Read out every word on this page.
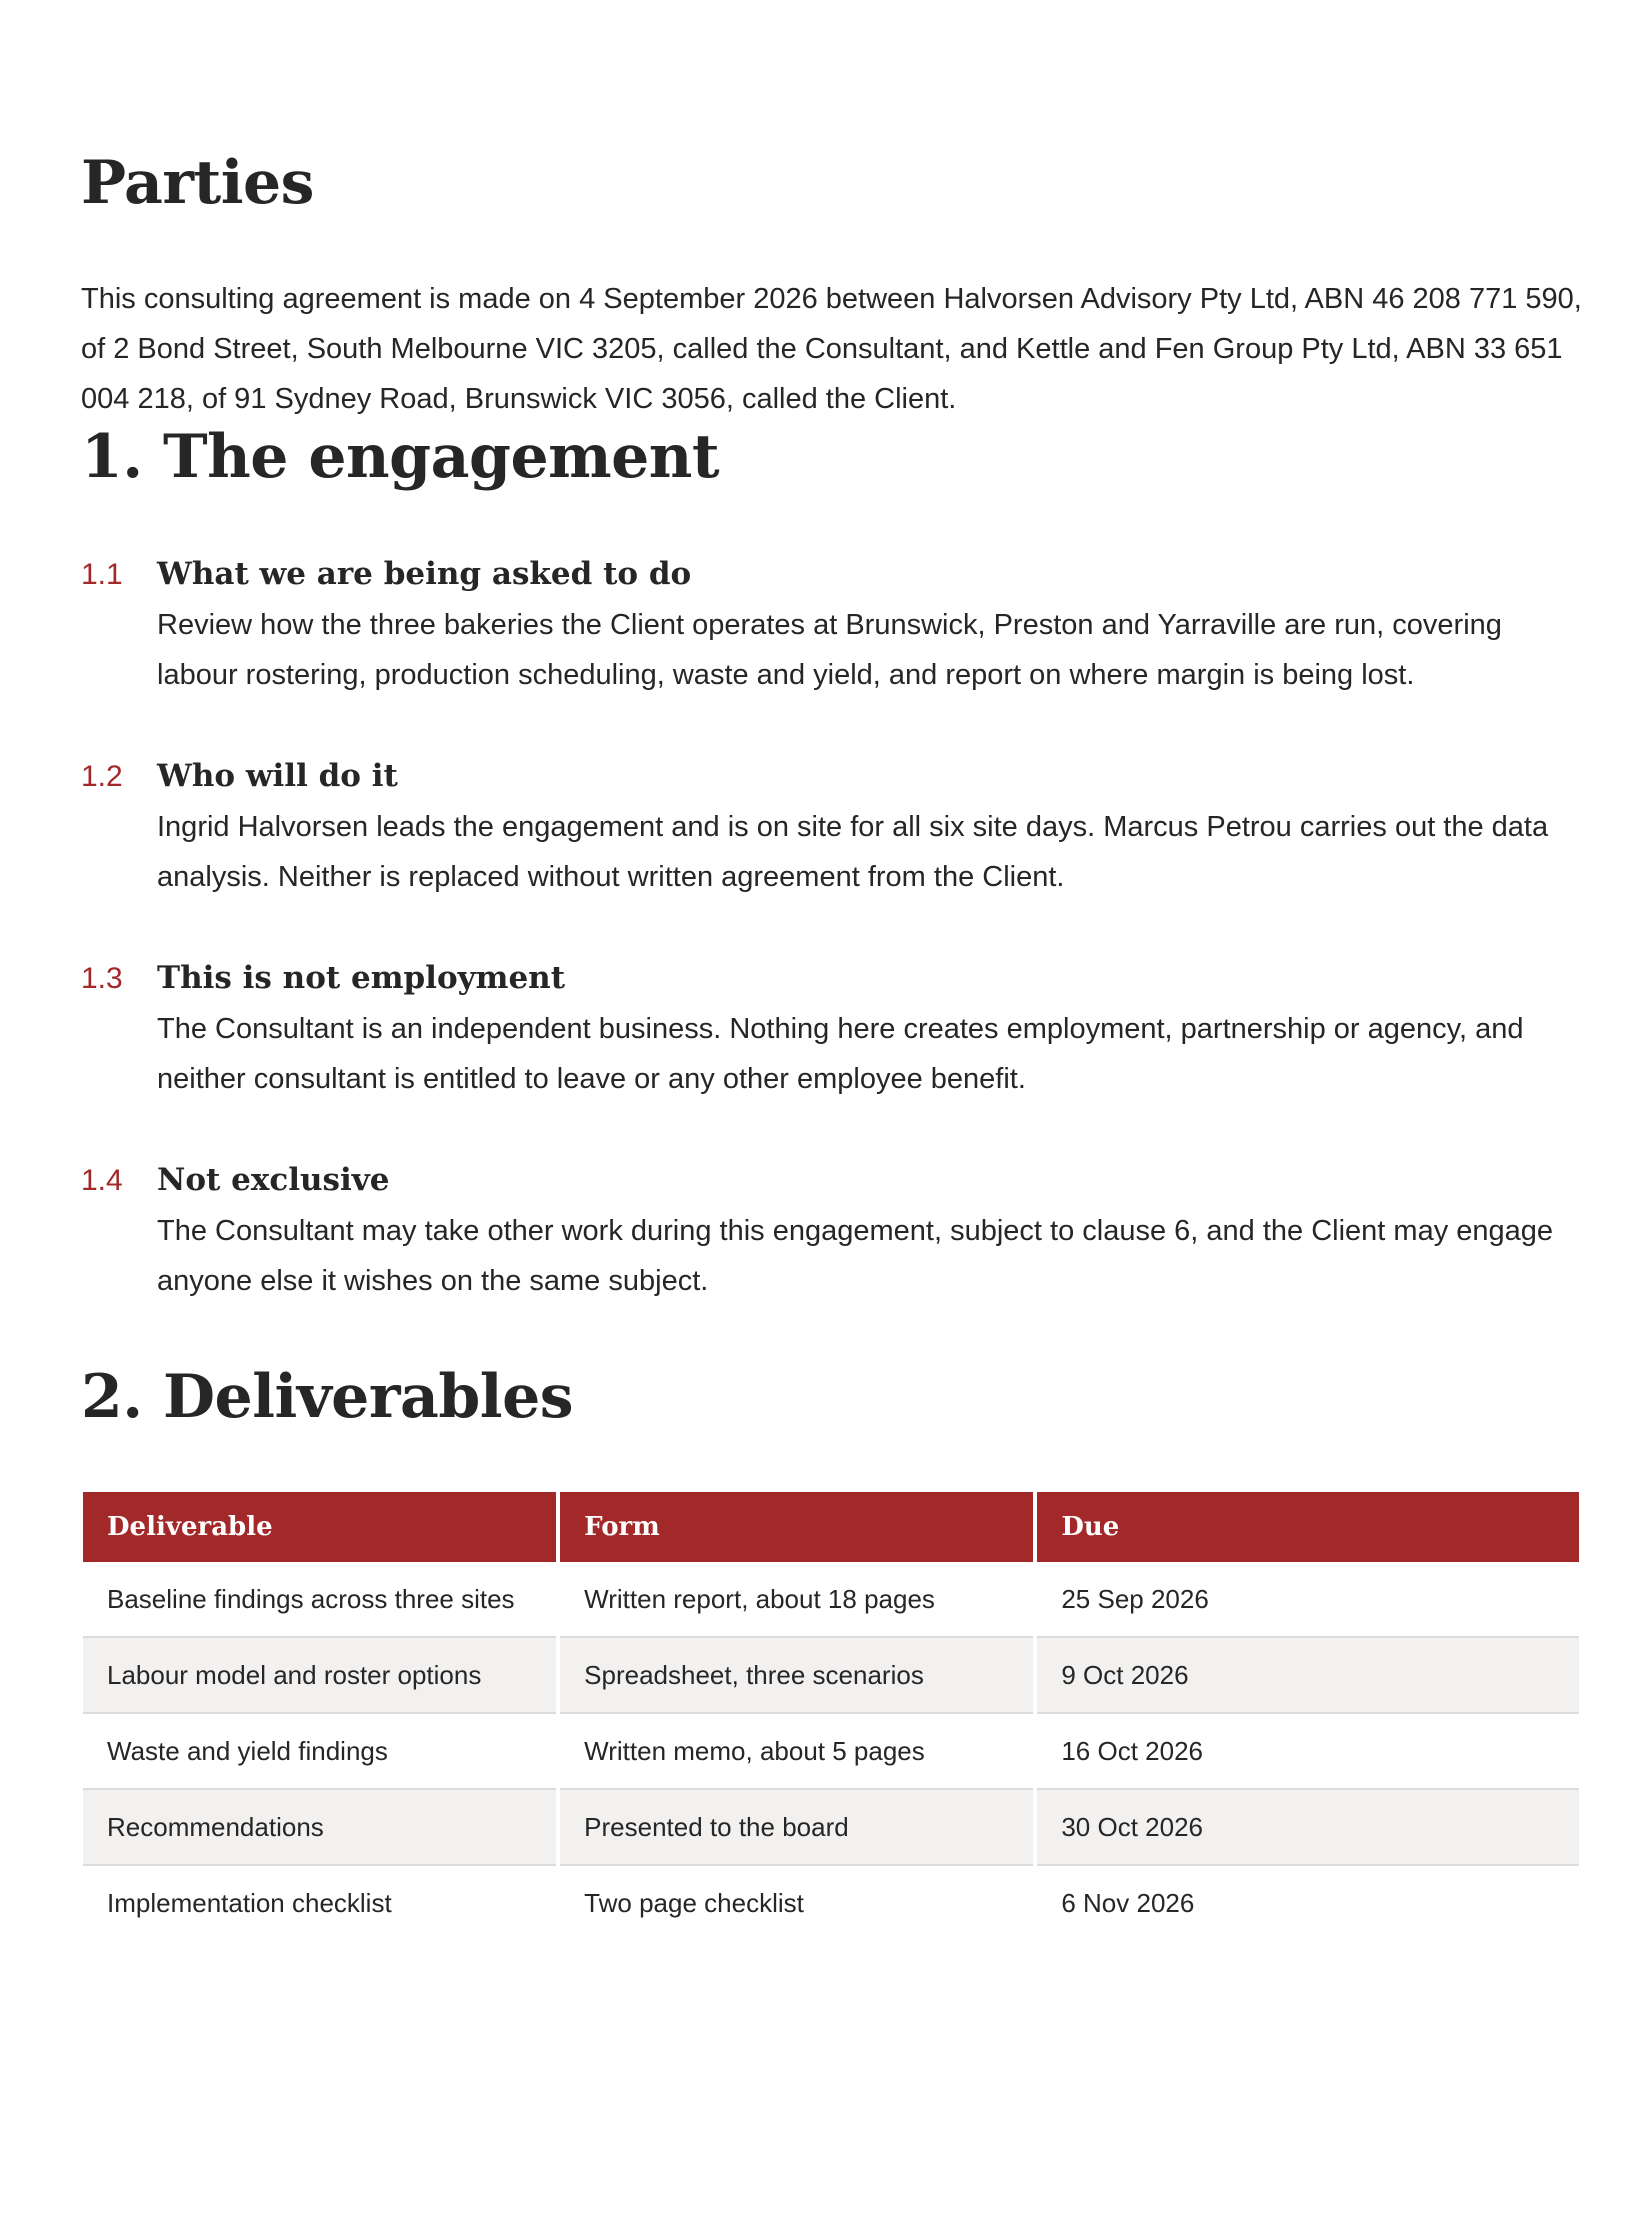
Parties

This consulting agreement is made on 4 September 2026 between Halvorsen Advisory Pty Ltd, ABN 46 208 771 590, of 2 Bond Street, South Melbourne VIC 3205, called the Consultant, and Kettle and Fen Group Pty Ltd, ABN 33 651 004 218, of 91 Sydney Road, Brunswick VIC 3056, called the Client.

1. The engagement
1.1	What we are being asked to do

Review how the three bakeries the Client operates at Brunswick, Preston and Yarraville are run, covering labour rostering, production scheduling, waste and yield, and report on where margin is being lost.

1.2	Who will do it

Ingrid Halvorsen leads the engagement and is on site for all six site days. Marcus Petrou carries out the data analysis. Neither is replaced without written agreement from the Client.

1.3	This is not employment

The Consultant is an independent business. Nothing here creates employment, partnership or agency, and neither consultant is entitled to leave or any other employee benefit.

1.4	Not exclusive

The Consultant may take other work during this engagement, subject to clause 6, and the Client may engage anyone else it wishes on the same subject.

2. Deliverables
Deliverable	Form	Due
Baseline findings across three sites	Written report, about 18 pages	25 Sep 2026
Labour model and roster options	Spreadsheet, three scenarios	9 Oct 2026
Waste and yield findings	Written memo, about 5 pages	16 Oct 2026
Recommendations	Presented to the board	30 Oct 2026
Implementation checklist	Two page checklist	6 Nov 2026
